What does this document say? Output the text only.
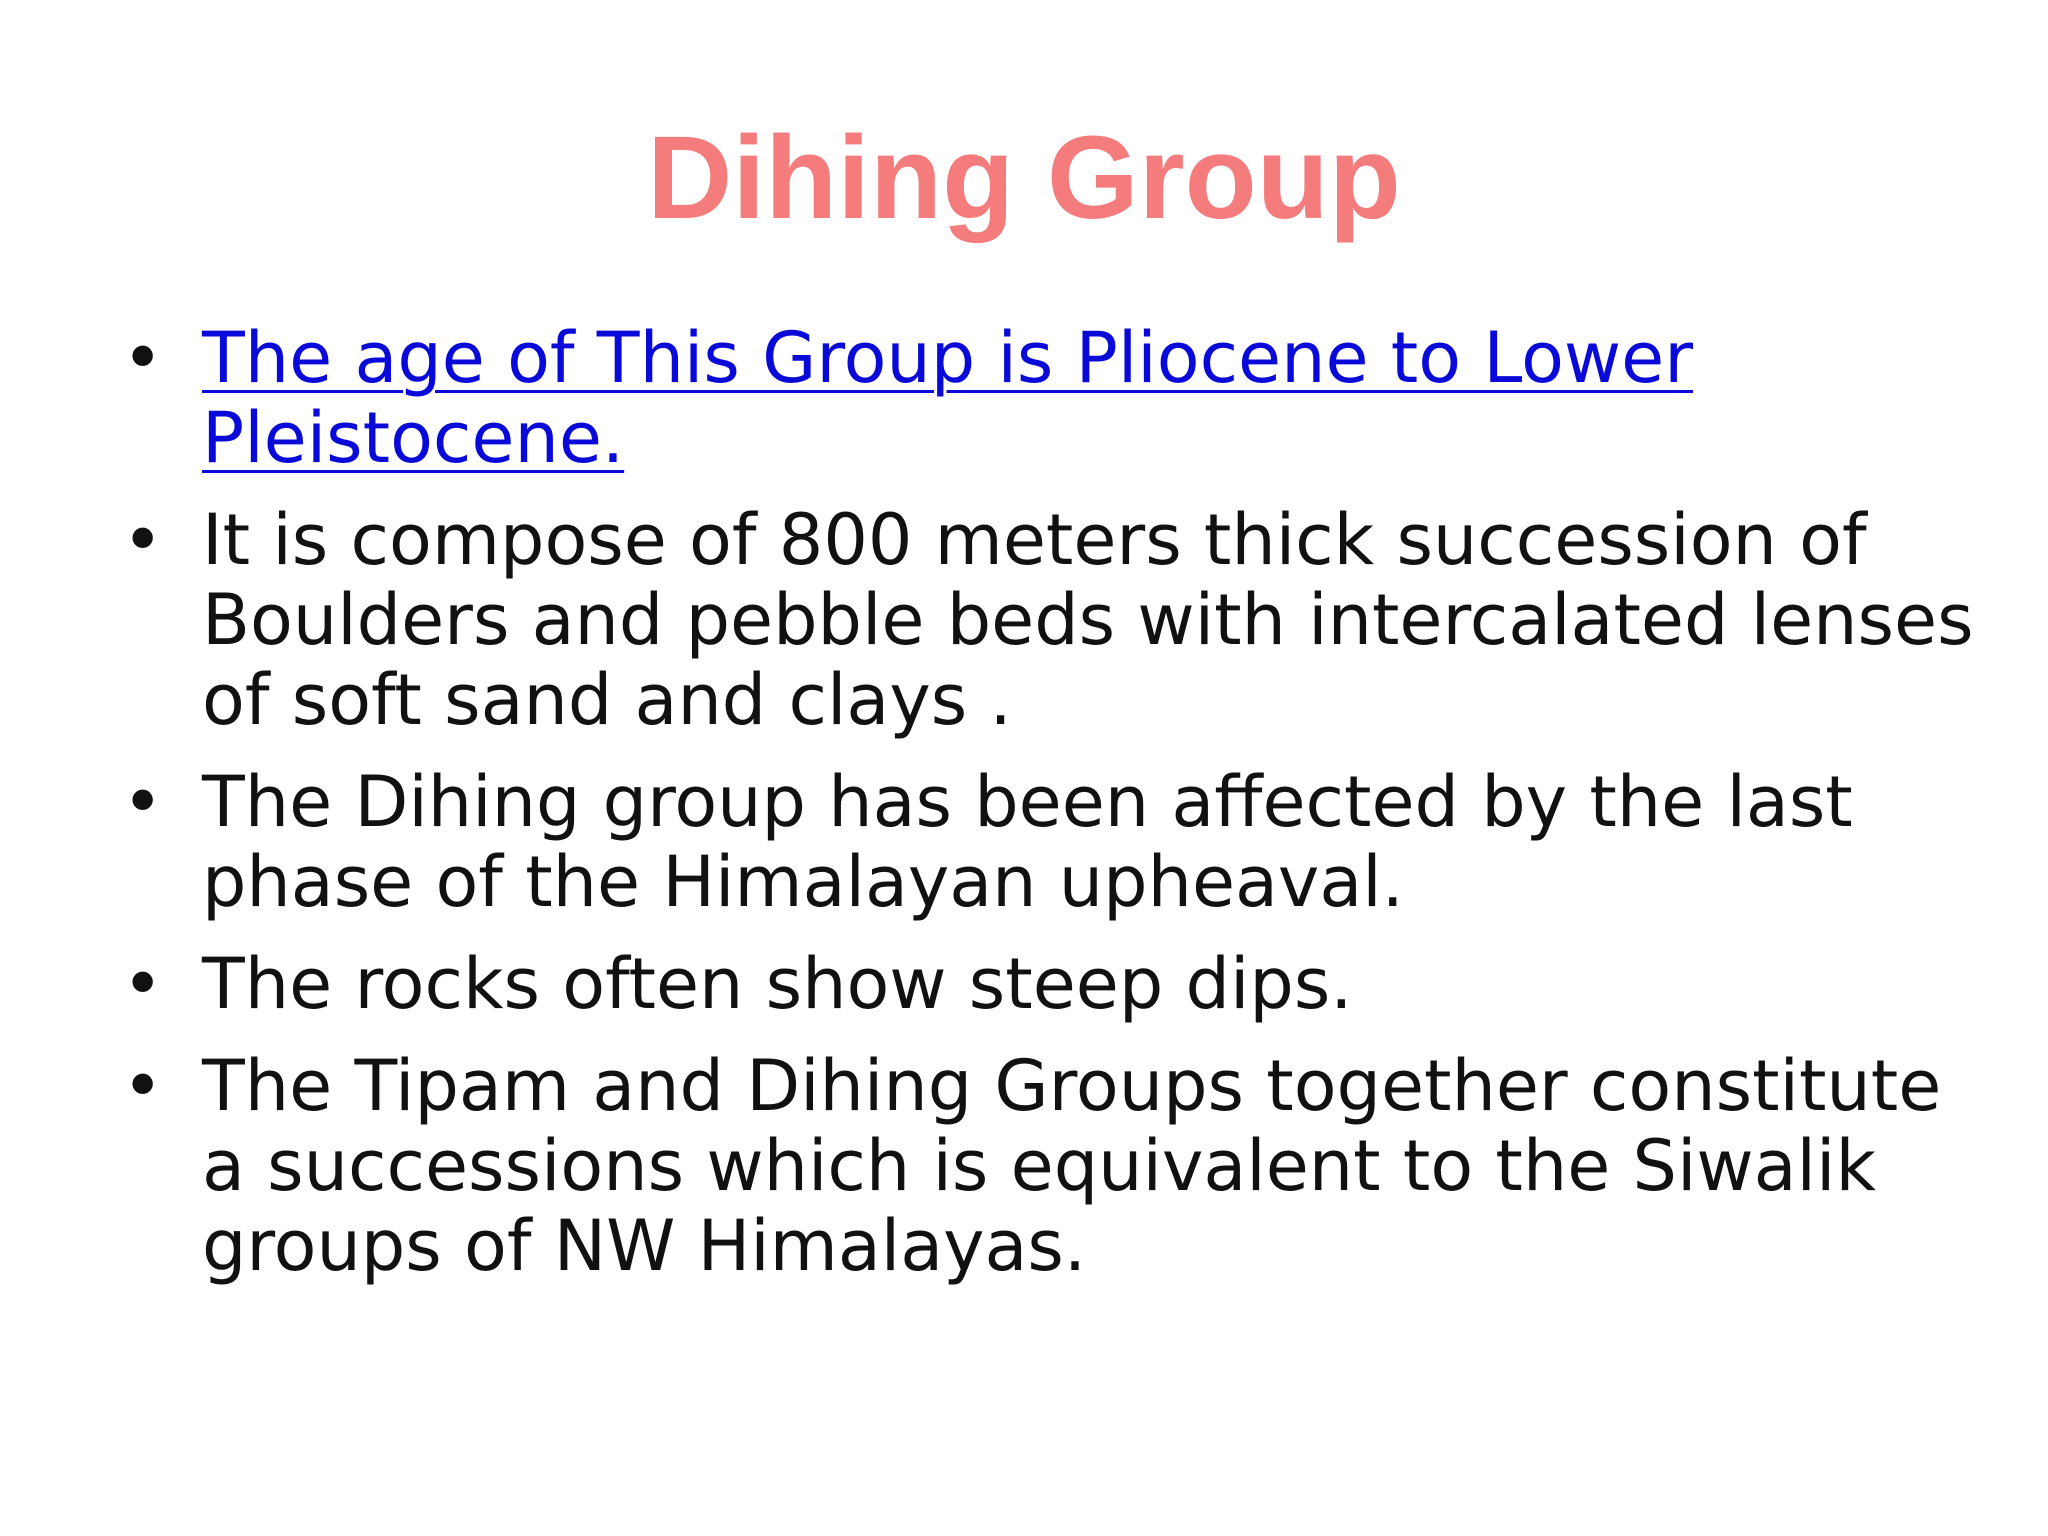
Dihing Group
• The age of This Group is Pliocene to Lower Pleistocene.
• It is compose of 800 meters thick succession of Boulders and pebble beds with intercalated lenses of soft sand and clays .
• The Dihing group has been affected by the last phase of the Himalayan upheaval.
• The rocks often show steep dips.
• The Tipam and Dihing Groups together constitute a successions which is equivalent to the Siwalik groups of NW Himalayas.
